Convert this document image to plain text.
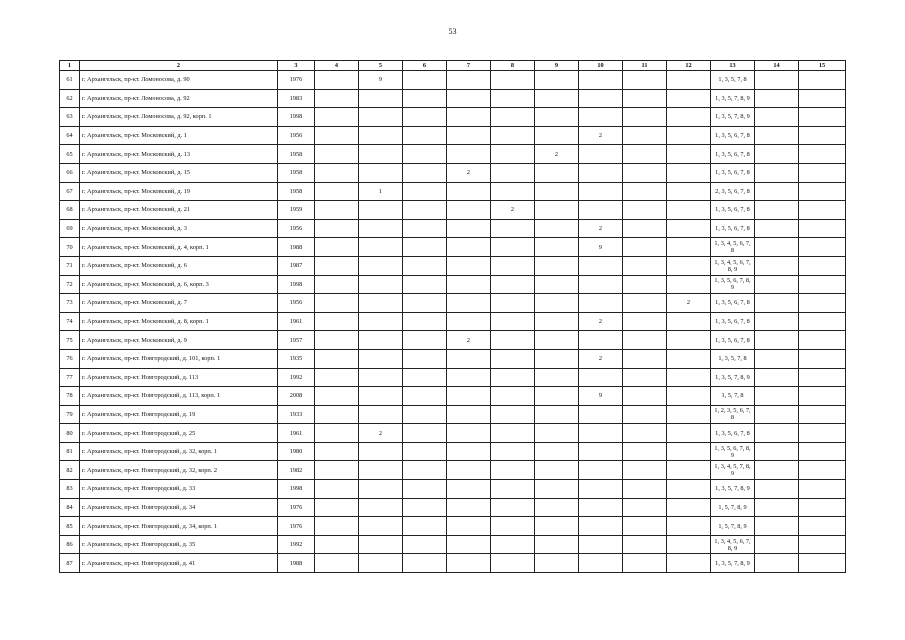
53
1	2	3	4	5	6	7	8	9	10	11	12	13	14	15
61	г. Архангельск, пр-кт. Ломоносова, д. 90	1976		9								1, 3, 5, 7, 8		
62	г. Архангельск, пр-кт. Ломоносова, д. 92	1983										1, 3, 5, 7, 8, 9		
63	г. Архангельск, пр-кт. Ломоносова, д. 92, корп. 1	1998										1, 3, 5, 7, 8, 9		
64	г. Архангельск, пр-кт. Московский, д. 1	1956							2			1, 3, 5, 6, 7, 8		
65	г. Архангельск, пр-кт. Московский, д. 13	1958						2				1, 3, 5, 6, 7, 8		
66	г. Архангельск, пр-кт. Московский, д. 15	1958				2						1, 3, 5, 6, 7, 8		
67	г. Архангельск, пр-кт. Московский, д. 19	1958		1								2, 3, 5, 6, 7, 8		
68	г. Архангельск, пр-кт. Московский, д. 21	1959					2					1, 3, 5, 6, 7, 8		
69	г. Архангельск, пр-кт. Московский, д. 3	1956							2			1, 3, 5, 6, 7, 8		
70	г. Архангельск, пр-кт. Московский, д. 4, корп. 1	1988							9			1, 3, 4, 5, 6, 7, 8		
71	г. Архангельск, пр-кт. Московский, д. 6	1987										1, 3, 4, 5, 6, 7, 8, 9		
72	г. Архангельск, пр-кт. Московский, д. 6, корп. 3	1998										1, 3, 5, 6, 7, 8, 9		
73	г. Архангельск, пр-кт. Московский, д. 7	1956									2	1, 3, 5, 6, 7, 8		
74	г. Архангельск, пр-кт. Московский, д. 8, корп. 1	1961							2			1, 3, 5, 6, 7, 8		
75	г. Архангельск, пр-кт. Московский, д. 9	1957				2						1, 3, 5, 6, 7, 8		
76	г. Архангельск, пр-кт. Новгородский, д. 101, корп. 1	1935							2			1, 3, 5, 7, 8		
77	г. Архангельск, пр-кт. Новгородский, д. 113	1992										1, 3, 5, 7, 8, 9		
78	г. Архангельск, пр-кт. Новгородский, д. 113, корп. 1	2008							9			1, 5, 7, 8		
79	г. Архангельск, пр-кт. Новгородский, д. 19	1933										1, 2, 3, 5, 6, 7, 8		
80	г. Архангельск, пр-кт. Новгородский, д. 25	1961		2								1, 3, 5, 6, 7, 8		
81	г. Архангельск, пр-кт. Новгородский, д. 32, корп. 1	1980										1, 3, 5, 6, 7, 8, 9		
82	г. Архангельск, пр-кт. Новгородский, д. 32, корп. 2	1982										1, 3, 4, 5, 7, 8, 9		
83	г. Архангельск, пр-кт. Новгородский, д. 33	1998										1, 3, 5, 7, 8, 9		
84	г. Архангельск, пр-кт. Новгородский, д. 34	1976										1, 5, 7, 8, 9		
85	г. Архангельск, пр-кт. Новгородский, д. 34, корп. 1	1976										1, 5, 7, 8, 9		
86	г. Архангельск, пр-кт. Новгородский, д. 35	1992										1, 3, 4, 5, 6, 7, 8, 9		
87	г. Архангельск, пр-кт. Новгородский, д. 41	1988										1, 3, 5, 7, 8, 9		
